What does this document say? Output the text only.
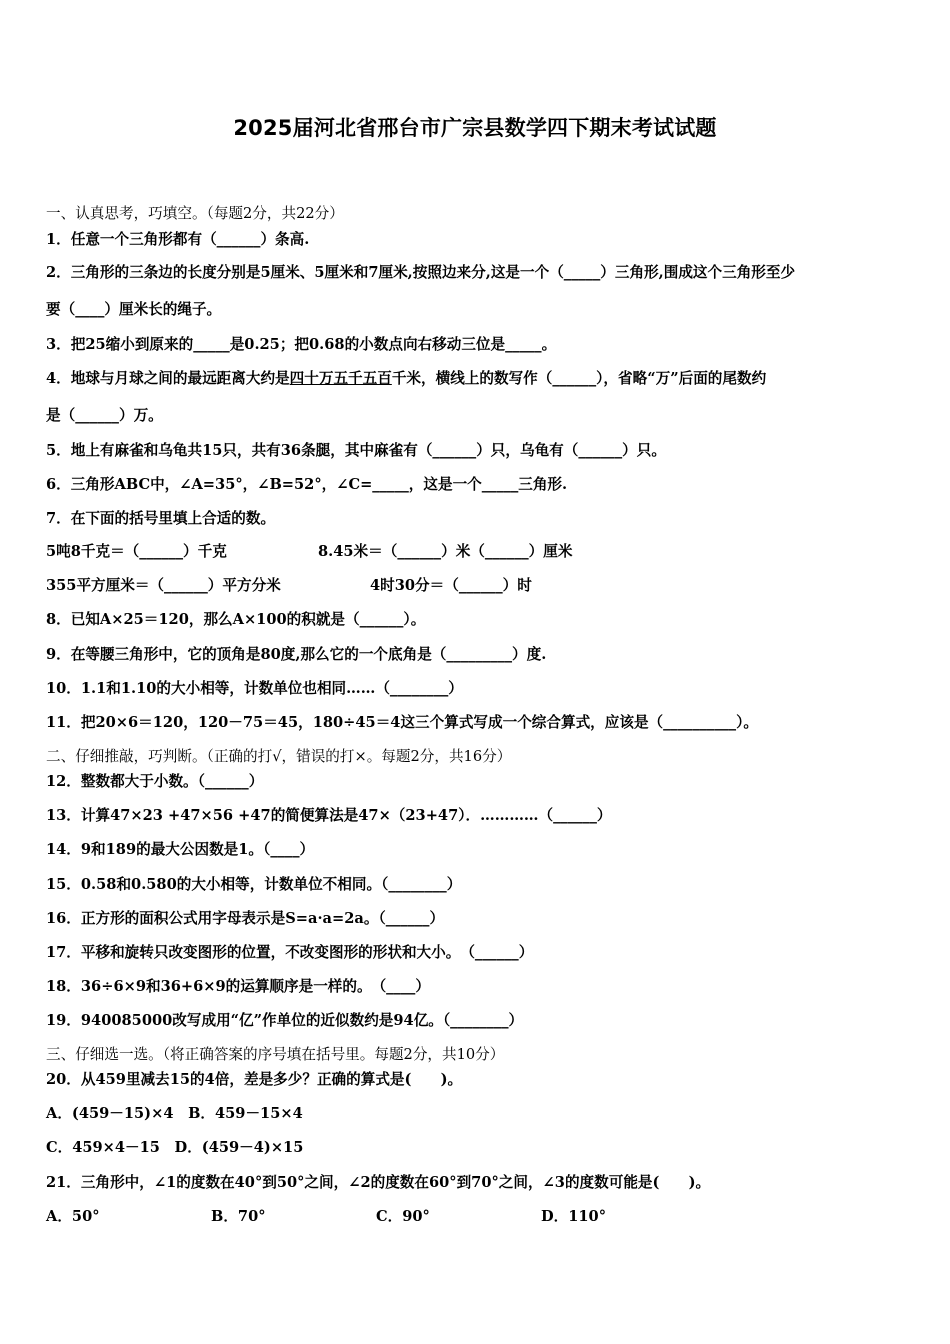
2025届河北省邢台市广宗县数学四下期末考试试题
一、认真思考，巧填空。（每题2分，共22分）
1．任意一个三角形都有（______）条高.
2．三角形的三条边的长度分别是5厘米、5厘米和7厘米,按照边来分,这是一个（_____）三角形,围成这个三角形至少
要（____）厘米长的绳子。
3．把25缩小到原来的_____是0.25；把0.68的小数点向右移动三位是_____。
4．地球与月球之间的最远距离大约是四十万五千五百千米，横线上的数写作（______），省略“万”后面的尾数约
是（______）万。
5．地上有麻雀和乌龟共15只，共有36条腿，其中麻雀有（______）只，乌龟有（______）只。
6．三角形ABC中，∠A=35°，∠B=52°，∠C=_____，这是一个_____三角形.
7．在下面的括号里填上合适的数。
5吨8千克＝（______）千克	8.45米＝（______）米（______）厘米
355平方厘米＝（______）平方分米	4时30分＝（______）时
8．已知A×25＝120，那么A×100的积就是（______）。
9．在等腰三角形中，它的顶角是80度,那么它的一个底角是（_________）度.
10．1.1和1.10的大小相等，计数单位也相同……（________）
11．把20×6＝120，120－75＝45，180÷45＝4这三个算式写成一个综合算式，应该是（__________）。
二、仔细推敲，巧判断。（正确的打√，错误的打×。每题2分，共16分）
12．整数都大于小数。（______）
13．计算47×23 +47×56 +47的简便算法是47×（23+47）．…………（______）
14．9和189的最大公因数是1。（____）
15．0.58和0.580的大小相等，计数单位不相同。（________）
16．正方形的面积公式用字母表示是S=a·a=2a。（______）
17．平移和旋转只改变图形的位置，不改变图形的形状和大小。　（______）
18．36÷6×9和36+6×9的运算顺序是一样的。　（____）
19．940085000改写成用“亿”作单位的近似数约是94亿。（________）
三、仔细选一选。（将正确答案的序号填在括号里。每题2分，共10分）
20．从459里减去15的4倍，差是多少？正确的算式是(　　)。
A．(459－15)×4　B．459－15×4
C．459×4－15　D．(459－4)×15
21．三角形中，∠1的度数在40°到50°之间，∠2的度数在60°到70°之间，∠3的度数可能是(　　)。
A．50°	B．70°	C．90°	D．110°
